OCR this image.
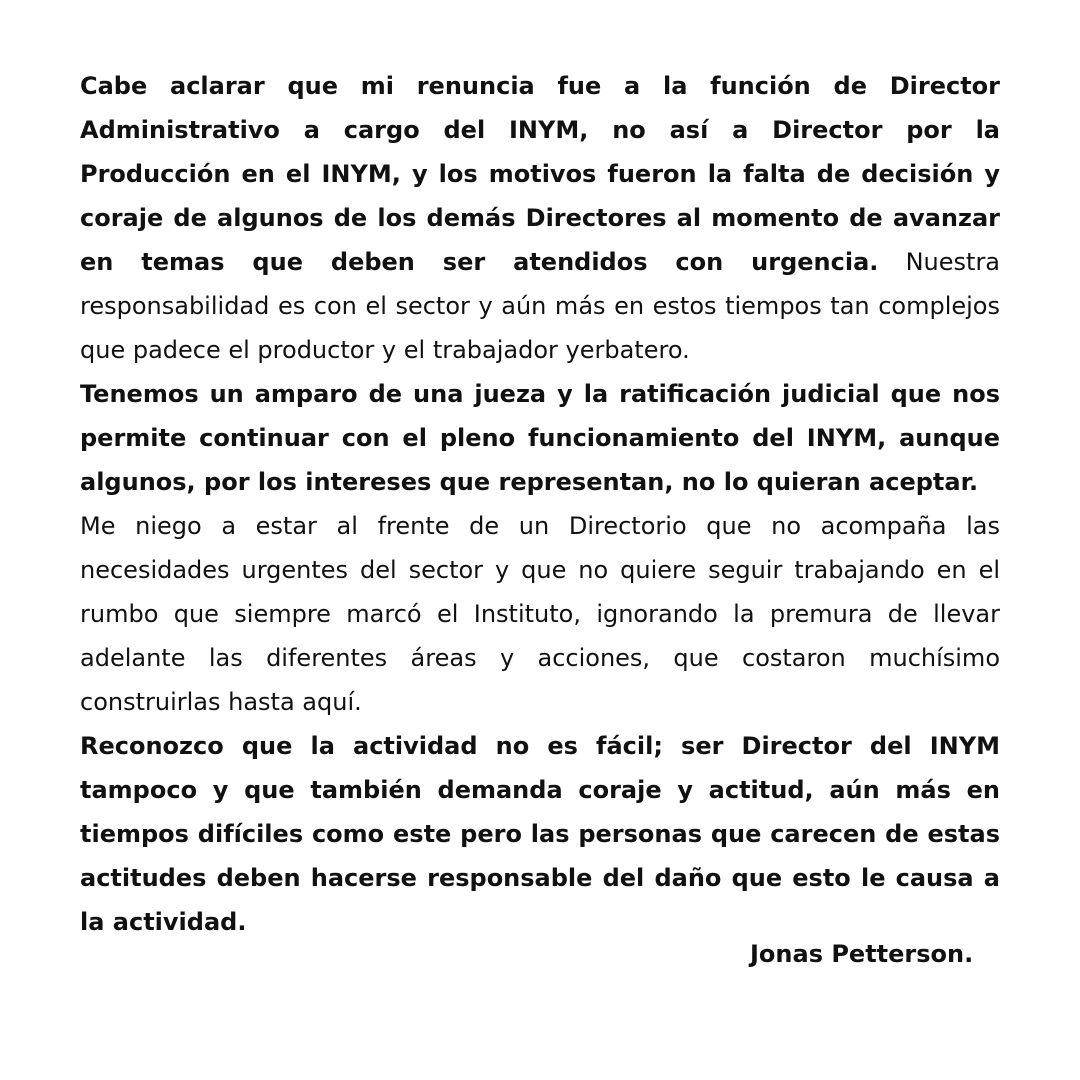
Cabe aclarar que mi renuncia fue a la función de Director Administrativo a cargo del INYM, no así a Director por la Producción en el INYM, y los motivos fueron la falta de decisión y coraje de algunos de los demás Directores al momento de avanzar en temas que deben ser atendidos con urgencia. Nuestra responsabilidad es con el sector y aún más en estos tiempos tan complejos que padece el productor y el trabajador yerbatero.

Tenemos un amparo de una jueza y la ratificación judicial que nos permite continuar con el pleno funcionamiento del INYM, aunque algunos, por los intereses que representan, no lo quieran aceptar.

Me niego a estar al frente de un Directorio que no acompaña las necesidades urgentes del sector y que no quiere seguir trabajando en el rumbo que siempre marcó el Instituto, ignorando la premura de llevar adelante las diferentes áreas y acciones, que costaron muchísimo construirlas hasta aquí.

Reconozco que la actividad no es fácil; ser Director del INYM tampoco y que también demanda coraje y actitud, aún más en tiempos difíciles como este pero las personas que carecen de estas actitudes deben hacerse responsable del daño que esto le causa a la actividad.

Jonas Petterson.
